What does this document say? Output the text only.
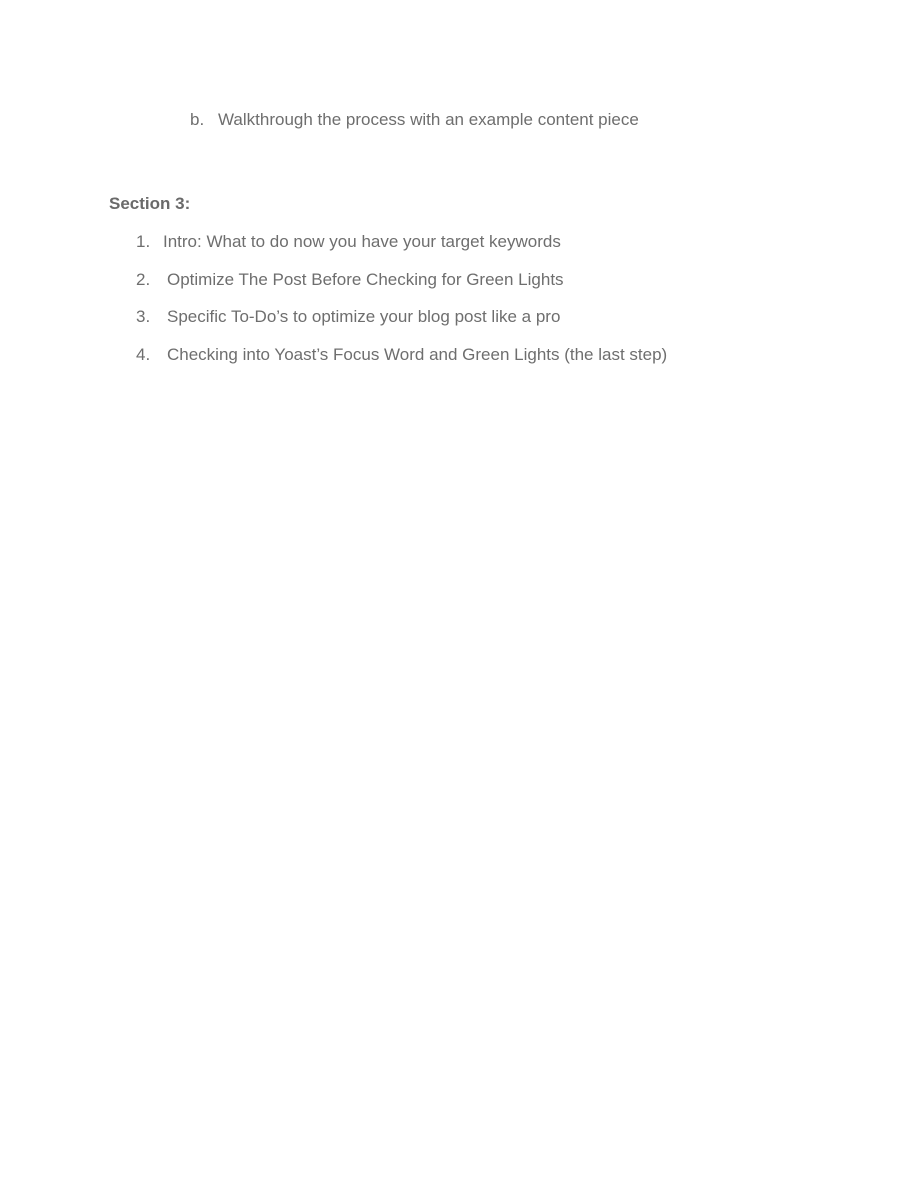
b. Walkthrough the process with an example content piece
Section 3:
1. Intro: What to do now you have your target keywords
2. Optimize The Post Before Checking for Green Lights
3. Specific To-Do’s to optimize your blog post like a pro
4. Checking into Yoast’s Focus Word and Green Lights (the last step)
